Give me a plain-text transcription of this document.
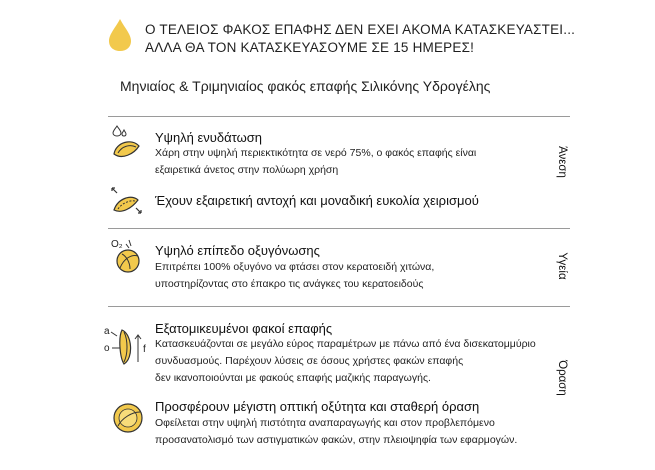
Ο ΤΕΛΕΙΟΣ ΦΑΚΟΣ ΕΠΑΦΗΣ ΔΕΝ ΕΧΕΙ ΑΚΟΜΑ ΚΑΤΑΣΚΕΥΑΣΤΕΙ...
ΑΛΛΑ ΘΑ ΤΟΝ ΚΑΤΑΣΚΕΥΑΣΟΥΜΕ ΣΕ 15 ΗΜΕΡΕΣ!
Μηνιαίος & Τριμηνιαίος φακός επαφής Σιλικόνης Υδρογέλης
Υψηλή ενυδάτωση
Χάρη στην υψηλή περιεκτικότητα σε νερό 75%, ο φακός επαφής είναι
εξαιρετικά άνετος στην πολύωρη χρήση
Έχουν εξαιρετική αντοχή και μοναδική ευκολία χειρισμού
Άνεση
O₂ Υψηλό επίπεδο οξυγόνωσης
Επιτρέπει 100% οξυγόνο να φτάσει στον κερατοειδή χιτώνα,
υποστηρίζοντας στο έπακρο τις ανάγκες του κερατοειδούς
Υγεία
a
o	f
Εξατομικευμένοι φακοί επαφής
Κατασκευάζονται σε μεγάλο εύρος παραμέτρων με πάνω από ένα δισεκατομμύριο
συνδυασμούς. Παρέχουν λύσεις σε όσους χρήστες φακών επαφής
δεν ικανοποιούνται με φακούς επαφής μαζικής παραγωγής.
Προσφέρουν μέγιστη οπτική οξύτητα και σταθερή όραση
Οφείλεται στην υψηλή πιστότητα αναπαραγωγής και στον προβλεπόμενο
προσανατολισμό των αστιγματικών φακών, στην πλειοψηφία των εφαρμογών.
Όραση
